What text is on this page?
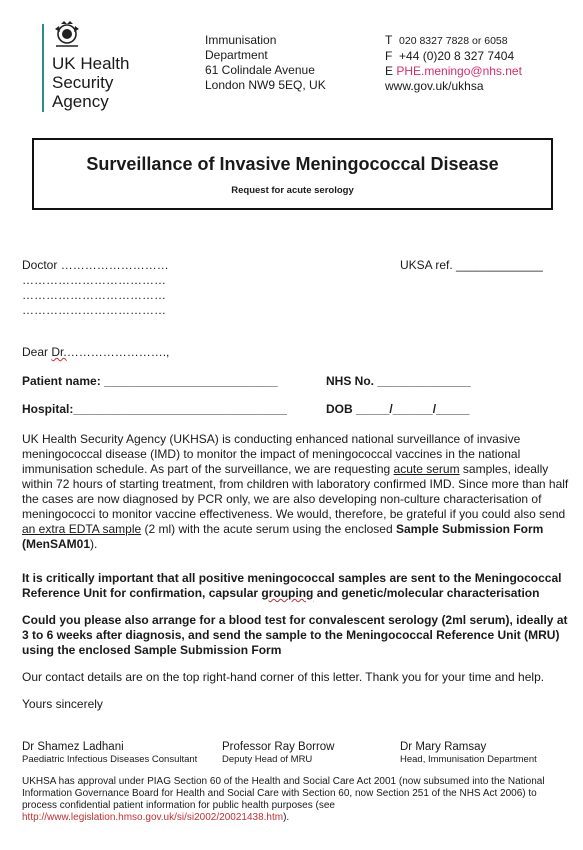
UK Health
Security
Agency
Immunisation
Department
61 Colindale Avenue
London NW9 5EQ, UK
T 020 8327 7828 or 6058
F +44 (0)20 8 327 7404
E PHE.meningo@nhs.net
www.gov.uk/ukhsa
Surveillance of Invasive Meningococcal Disease
Request for acute serology
Doctor ………………………
………………………………
………………………………
………………………………
UKSA ref. _____________
Dear Dr.…………………….,
Patient name: __________________________	NHS No. ______________
Hospital:________________________________	DOB _____/______/_____
UK Health Security Agency (UKHSA) is conducting enhanced national surveillance of invasive meningococcal disease (IMD) to monitor the impact of meningococcal vaccines in the national immunisation schedule. As part of the surveillance, we are requesting acute serum samples, ideally within 72 hours of starting treatment, from children with laboratory confirmed IMD. Since more than half the cases are now diagnosed by PCR only, we are also developing non-culture characterisation of meningococci to monitor vaccine effectiveness. We would, therefore, be grateful if you could also send an extra EDTA sample (2 ml) with the acute serum using the enclosed Sample Submission Form (MenSAM01).
It is critically important that all positive meningococcal samples are sent to the Meningococcal Reference Unit for confirmation, capsular grouping and genetic/molecular characterisation
Could you please also arrange for a blood test for convalescent serology (2ml serum), ideally at 3 to 6 weeks after diagnosis, and send the sample to the Meningococcal Reference Unit (MRU) using the enclosed Sample Submission Form
Our contact details are on the top right-hand corner of this letter. Thank you for your time and help.
Yours sincerely
Dr Shamez Ladhani
Paediatric Infectious Diseases Consultant
Professor Ray Borrow
Deputy Head of MRU
Dr Mary Ramsay
Head, Immunisation Department
UKHSA has approval under PIAG Section 60 of the Health and Social Care Act 2001 (now subsumed into the National Information Governance Board for Health and Social Care with Section 60, now Section 251 of the NHS Act 2006) to process confidential patient information for public health purposes (see http://www.legislation.hmso.gov.uk/si/si2002/20021438.htm).
